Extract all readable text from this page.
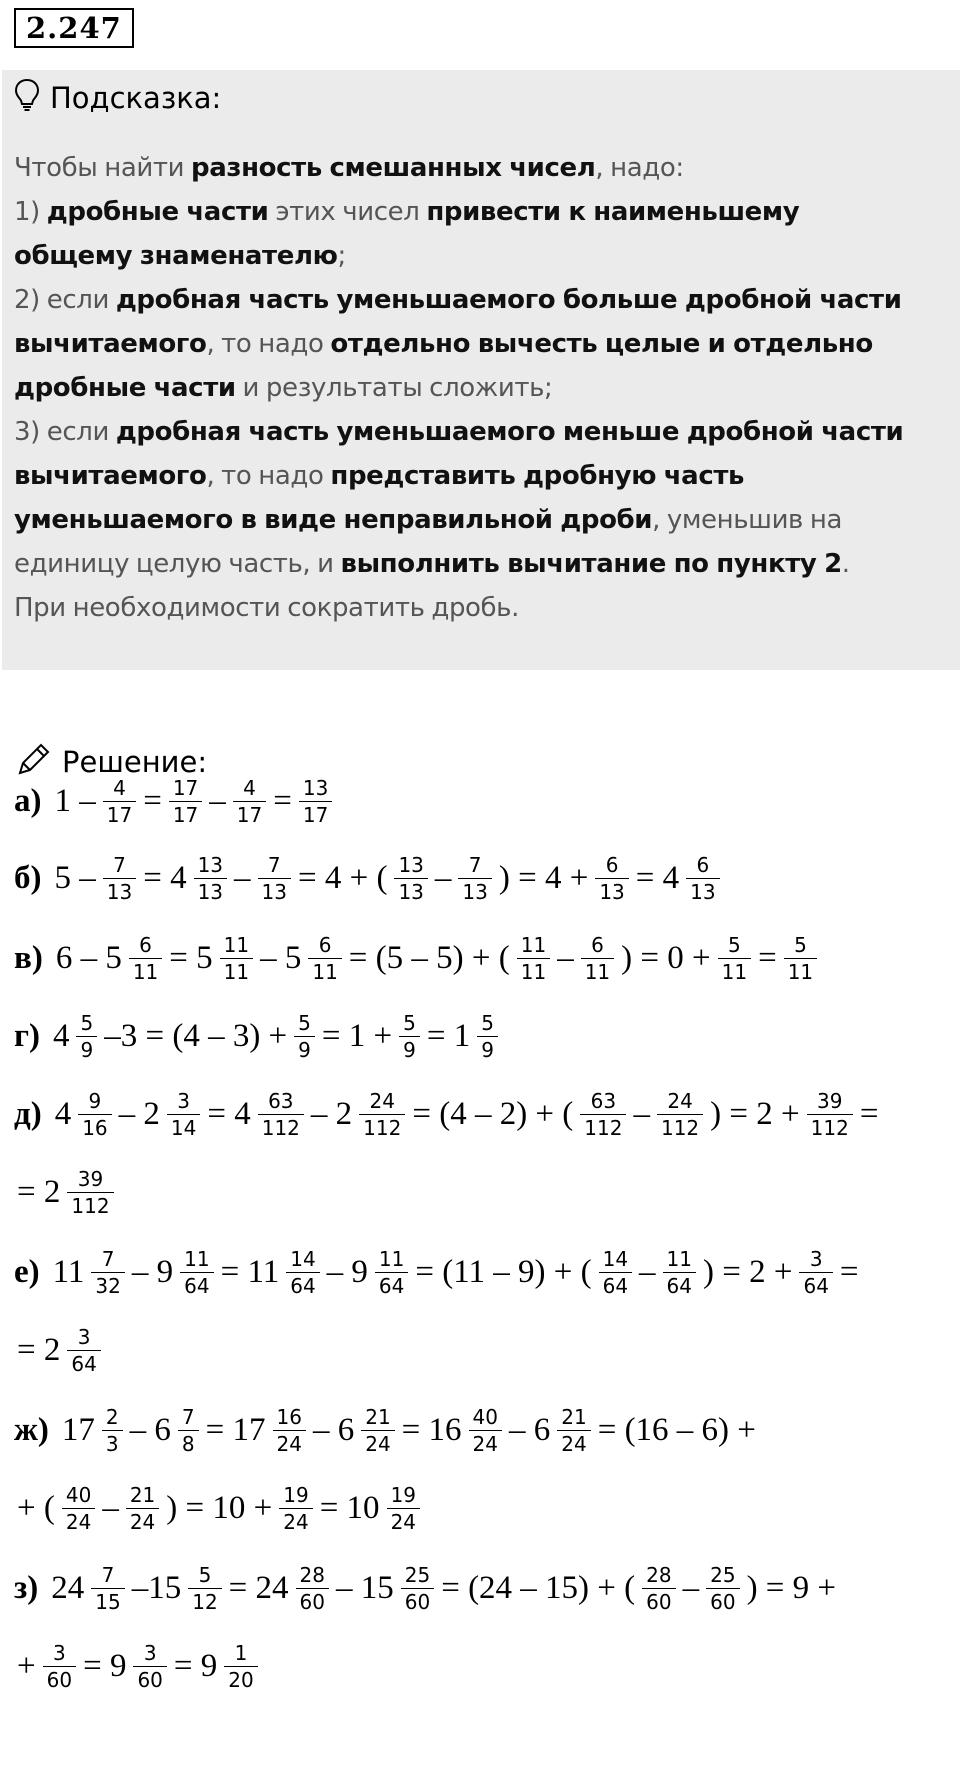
2.247
Подсказка:
Чтобы найти разность смешанных чисел, надо:
1) дробные части этих чисел привести к наименьшему
общему знаменателю;
2) если дробная часть уменьшаемого больше дробной части
вычитаемого, то надо отдельно вычесть целые и отдельно
дробные части и результаты сложить;
3) если дробная часть уменьшаемого меньше дробной части
вычитаемого, то надо представить дробную часть
уменьшаемого в виде неправильной дроби, уменьшив на
единицу целую часть, и выполнить вычитание по пункту 2.
При необходимости сократить дробь.
Решение:
а) $1 - \frac{4}{17} = \frac{17}{17} - \frac{4}{17} = \frac{13}{17}$
б) $5 - \frac{7}{13} = 4 \frac{13}{13} - \frac{7}{13} = 4$ + ( $\frac{13}{13} - \frac{7}{13}$ ) = $4 + \frac{6}{13} = 4 \frac{6}{13}$
в) $6 - 5 \frac{6}{11} = 5 \frac{11}{11} - 5 \frac{6}{11} = (5 - 5)$ + ( $\frac{11}{11} - \frac{6}{11}$ ) = $0 + \frac{5}{11} = \frac{5}{11}$
г) $4 \frac{5}{9} -3 = (4 - 3) + \frac{5}{9} = 1 + \frac{5}{9} = 1 \frac{5}{9}$
д) $4 \frac{9}{16} - 2 \frac{3}{14} = 4 \frac{63}{112} - 2 \frac{24}{112} = (4 - 2)$ + ( $\frac{63}{112} - \frac{24}{112}$ ) = $2 + \frac{39}{112}$ =
= $2 \frac{39}{112}$
е) $11 \frac{7}{32} - 9 \frac{11}{64} = 11 \frac{14}{64} - 9 \frac{11}{64} = (11 - 9)$ + ( $\frac{14}{64} - \frac{11}{64}$ ) = $2 + \frac{3}{64}$ =
= $2 \frac{3}{64}$
ж) $17 \frac{2}{3} - 6 \frac{7}{8} = 17 \frac{16}{24} - 6 \frac{21}{24} = 16 \frac{40}{24} - 6 \frac{21}{24} = (16 - 6)$ +
+ ( $\frac{40}{24} - \frac{21}{24}$ ) = $10 + \frac{19}{24} = 10 \frac{19}{24}$
з) $24 \frac{7}{15} -15 \frac{5}{12} = 24 \frac{28}{60} - 15 \frac{25}{60} = (24 - 15)$ + ( $\frac{28}{60} - \frac{25}{60}$ ) = 9 +
+ $\frac{3}{60} = 9 \frac{3}{60} = 9 \frac{1}{20}$
